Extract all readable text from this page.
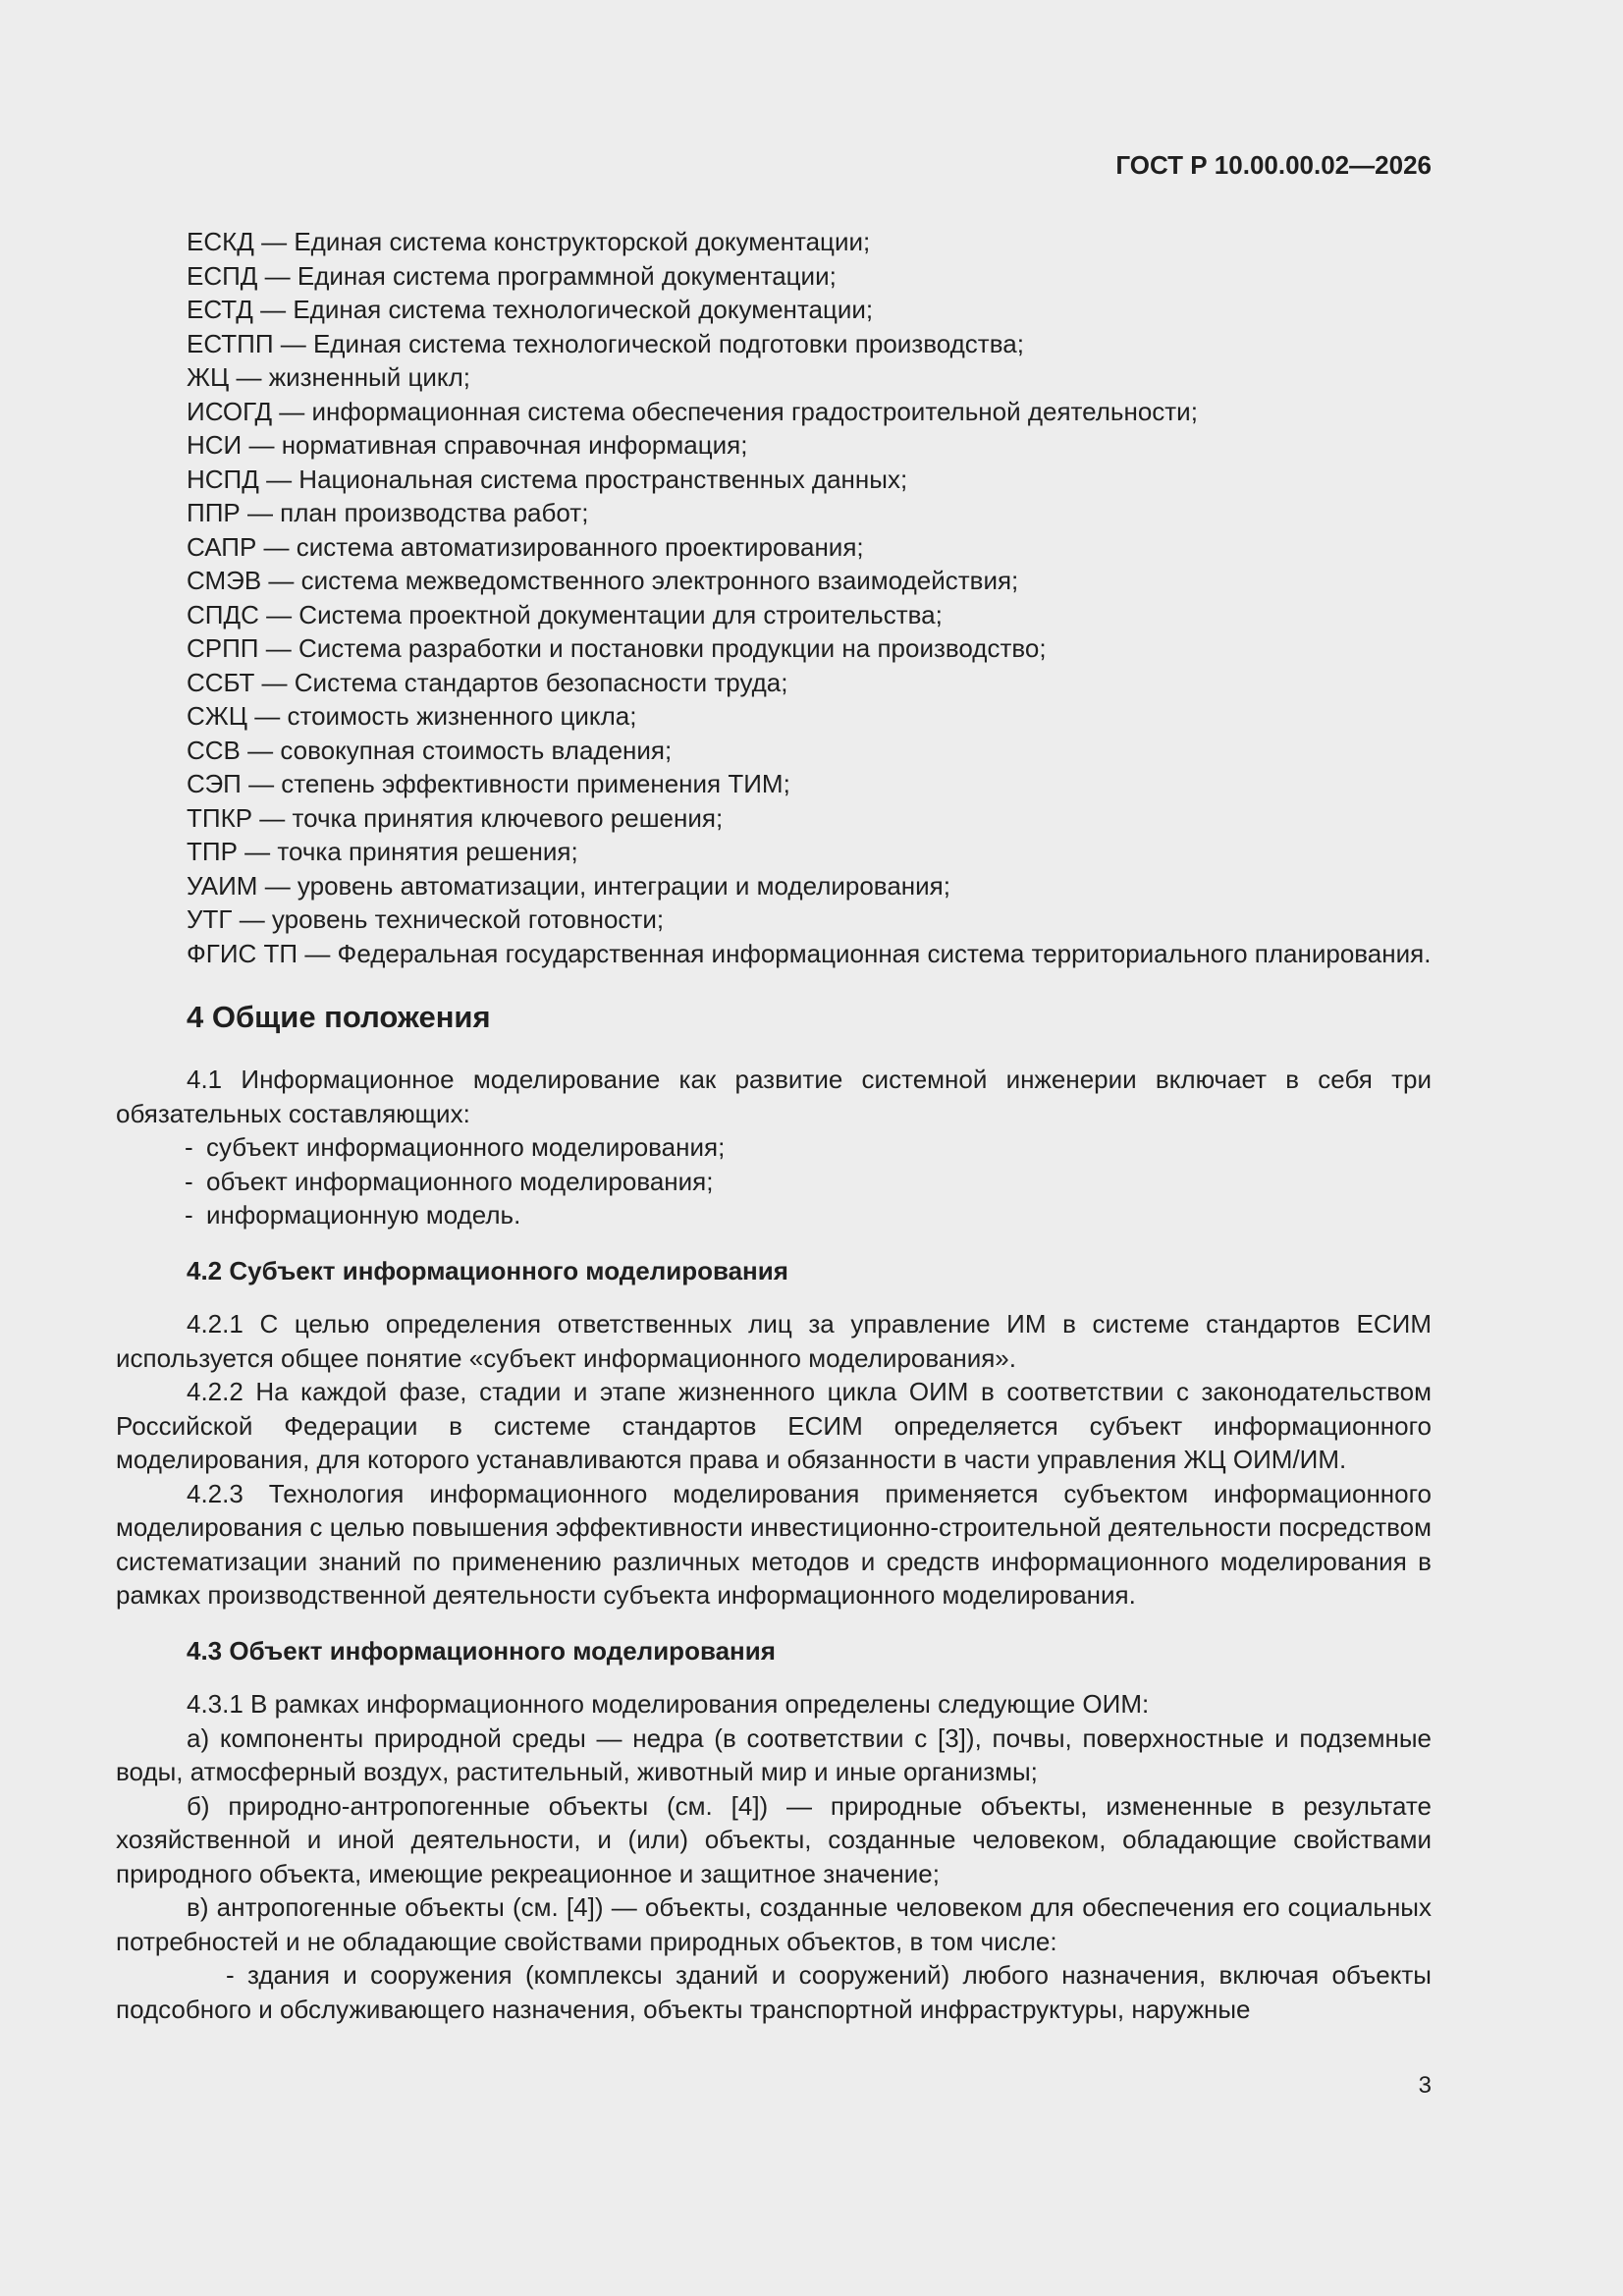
ГОСТ Р 10.00.00.02—2026

ЕСКД — Единая система конструкторской документации;

ЕСПД — Единая система программной документации;

ЕСТД — Единая система технологической документации;

ЕСТПП — Единая система технологической подготовки производства;

ЖЦ — жизненный цикл;

ИСОГД — информационная система обеспечения градостроительной деятельности;

НСИ — нормативная справочная информация;

НСПД — Национальная система пространственных данных;

ППР — план производства работ;

САПР — система автоматизированного проектирования;

СМЭВ — система межведомственного электронного взаимодействия;

СПДС — Система проектной документации для строительства;

СРПП — Система разработки и постановки продукции на производство;

ССБТ — Система стандартов безопасности труда;

СЖЦ — стоимость жизненного цикла;

ССВ — совокупная стоимость владения;

СЭП — степень эффективности применения ТИМ;

ТПКР — точка принятия ключевого решения;

ТПР — точка принятия решения;

УАИМ — уровень автоматизации, интеграции и моделирования;

УТГ — уровень технической готовности;

ФГИС ТП — Федеральная государственная информационная система территориального планирования.

4 Общие положения

4.1 Информационное моделирование как развитие системной инженерии включает в себя три обязательных составляющих:

- субъект информационного моделирования;
- объект информационного моделирования;
- информационную модель.
4.2 Субъект информационного моделирования

4.2.1 С целью определения ответственных лиц за управление ИМ в системе стандартов ЕСИМ используется общее понятие «субъект информационного моделирования».

4.2.2 На каждой фазе, стадии и этапе жизненного цикла ОИМ в соответствии с законодательством Российской Федерации в системе стандартов ЕСИМ определяется субъект информационного моделирования, для которого устанавливаются права и обязанности в части управления ЖЦ ОИМ/ИМ.

4.2.3 Технология информационного моделирования применяется субъектом информационного моделирования с целью повышения эффективности инвестиционно-строительной деятельности посредством систематизации знаний по применению различных методов и средств информационного моделирования в рамках производственной деятельности субъекта информационного моделирования.

4.3 Объект информационного моделирования

4.3.1 В рамках информационного моделирования определены следующие ОИМ:

а) компоненты природной среды — недра (в соответствии с [3]), почвы, поверхностные и подземные воды, атмосферный воздух, растительный, животный мир и иные организмы;

б) природно-антропогенные объекты (см. [4]) — природные объекты, измененные в результате хозяйственной и иной деятельности, и (или) объекты, созданные человеком, обладающие свойствами природного объекта, имеющие рекреационное и защитное значение;

в) антропогенные объекты (см. [4]) — объекты, созданные человеком для обеспечения его социальных потребностей и не обладающие свойствами природных объектов, в том числе:

- здания и сооружения (комплексы зданий и сооружений) любого назначения, включая объекты подсобного и обслуживающего назначения, объекты транспортной инфраструктуры, наружные

3
